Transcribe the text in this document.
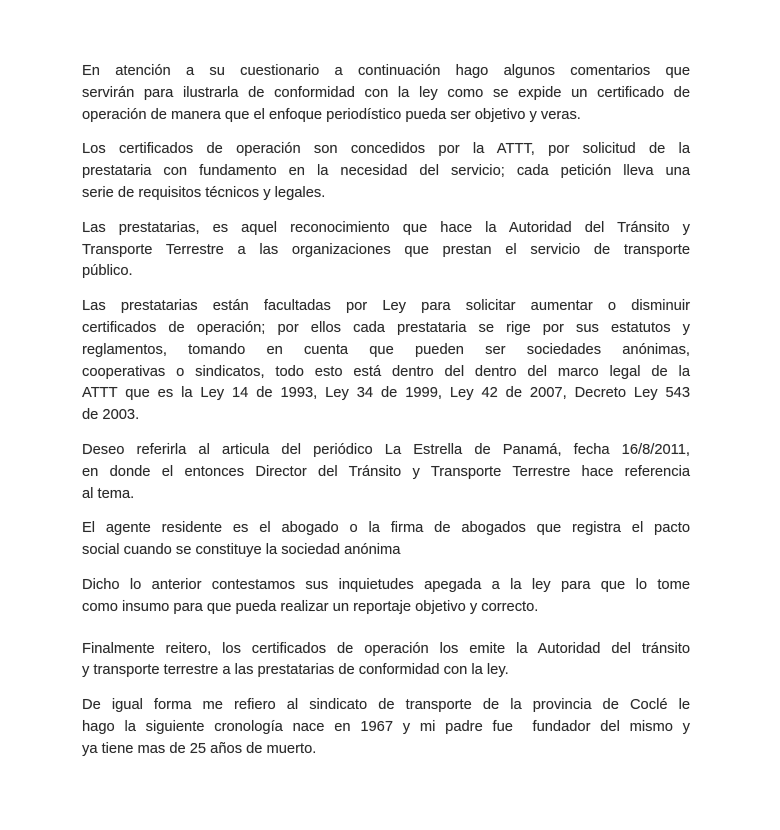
En atención a su cuestionario a continuación hago algunos comentarios que
servirán para ilustrarla de conformidad con la ley como se expide un certificado de
operación de manera que el enfoque periodístico pueda ser objetivo y veras.

Los certificados de operación son concedidos por la ATTT, por solicitud de la
prestataria con fundamento en la necesidad del servicio; cada petición lleva una
serie de requisitos técnicos y legales.

Las prestatarias, es aquel reconocimiento que hace la Autoridad del Tránsito y
Transporte Terrestre a las organizaciones que prestan el servicio de transporte
público.

Las prestatarias están facultadas por Ley para solicitar aumentar o disminuir
certificados de operación; por ellos cada prestataria se rige por sus estatutos y
reglamentos, tomando en cuenta que pueden ser sociedades anónimas,
cooperativas o sindicatos, todo esto está dentro del dentro del marco legal de la
ATTT que es la Ley 14 de 1993, Ley 34 de 1999, Ley 42 de 2007, Decreto Ley 543
de 2003.

Deseo referirla al articula del periódico La Estrella de Panamá, fecha 16/8/2011,
en donde el entonces Director del Tránsito y Transporte Terrestre hace referencia
al tema.

El agente residente es el abogado o la firma de abogados que registra el pacto
social cuando se constituye la sociedad anónima

Dicho lo anterior contestamos sus inquietudes apegada a la ley para que lo tome
como insumo para que pueda realizar un reportaje objetivo y correcto.

Finalmente reitero, los certificados de operación los emite la Autoridad del tránsito
y transporte terrestre a las prestatarias de conformidad con la ley.

De igual forma me refiero al sindicato de transporte de la provincia de Coclé le
hago la siguiente cronología nace en 1967 y mi padre fue  fundador del mismo y
ya tiene mas de 25 años de muerto.
